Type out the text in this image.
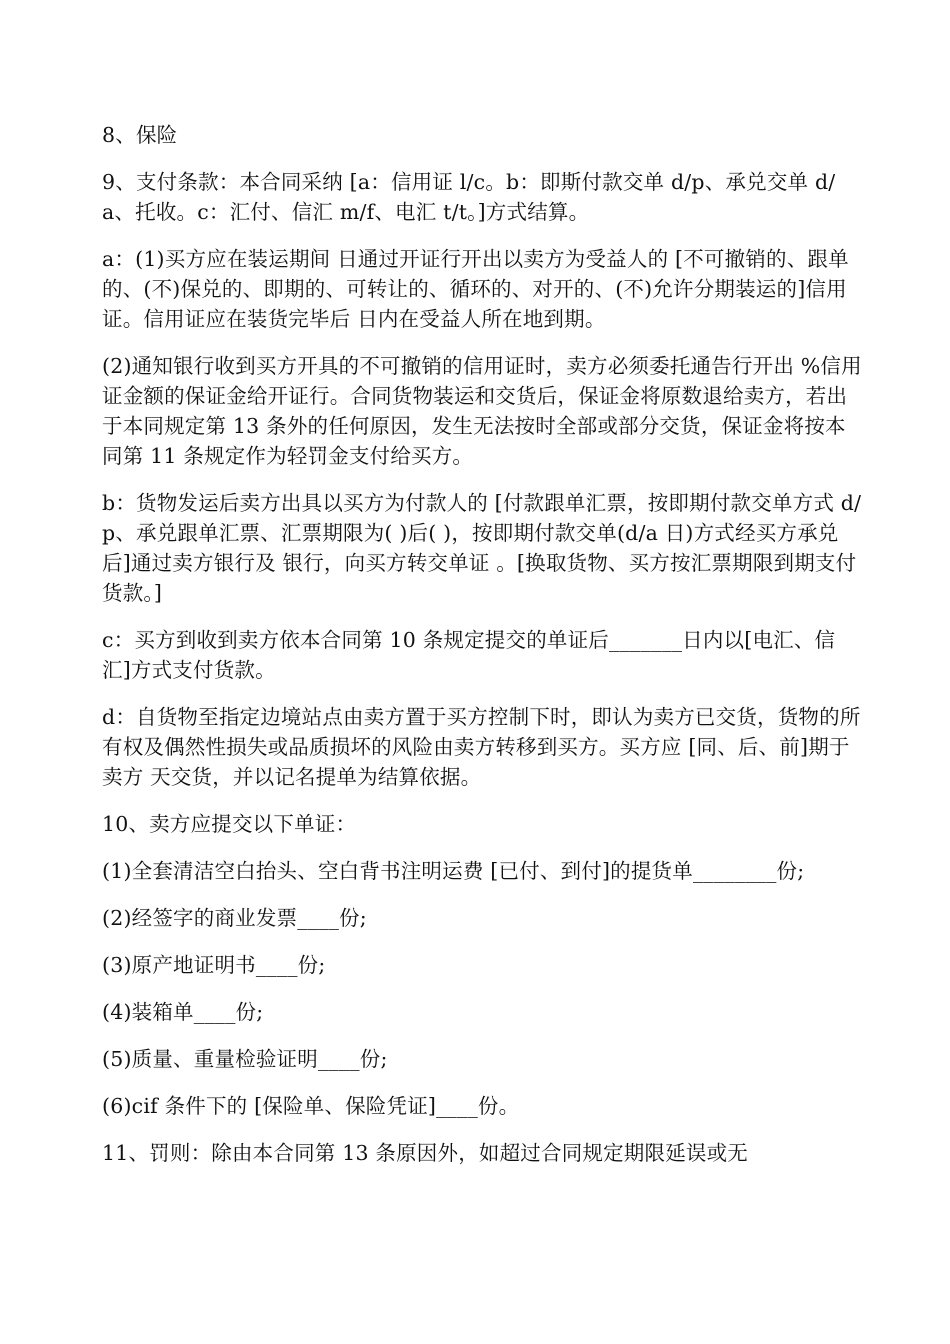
8、保险

9、支付条款：本合同采纳 [a：信用证 l/c。b：即斯付款交单 d/p、承兑交单 d/a、托收。c：汇付、信汇 m/f、电汇 t/t。]方式结算。

a：(1)买方应在装运期间 日通过开证行开出以卖方为受益人的 [不可撤销的、跟单的、(不)保兑的、即期的、可转让的、循环的、对开的、(不)允许分期装运的]信用证。信用证应在装货完毕后 日内在受益人所在地到期。

(2)通知银行收到买方开具的不可撤销的信用证时，卖方必须委托通告行开出 %信用证金额的保证金给开证行。合同货物装运和交货后，保证金将原数退给卖方，若出于本同规定第 13 条外的任何原因，发生无法按时全部或部分交货，保证金将按本同第 11 条规定作为轻罚金支付给买方。

b：货物发运后卖方出具以买方为付款人的 [付款跟单汇票，按即期付款交单方式 d/p、承兑跟单汇票、汇票期限为( )后( )，按即期付款交单(d/a 日)方式经买方承兑后]通过卖方银行及 银行，向买方转交单证 。[换取货物、买方按汇票期限到期支付货款。]

c：买方到收到卖方依本合同第 10 条规定提交的单证后_______日内以[电汇、信汇]方式支付货款。

d：自货物至指定边境站点由卖方置于买方控制下时，即认为卖方已交货，货物的所有权及偶然性损失或品质损坏的风险由卖方转移到买方。买方应 [同、后、前]期于卖方 天交货，并以记名提单为结算依据。

10、卖方应提交以下单证：

(1)全套清洁空白抬头、空白背书注明运费 [已付、到付]的提货单________份;

(2)经签字的商业发票____份;

(3)原产地证明书____份;

(4)装箱单____份;

(5)质量、重量检验证明____份;

(6)cif 条件下的 [保险单、保险凭证]____份。

11、罚则：除由本合同第 13 条原因外，如超过合同规定期限延误或无
